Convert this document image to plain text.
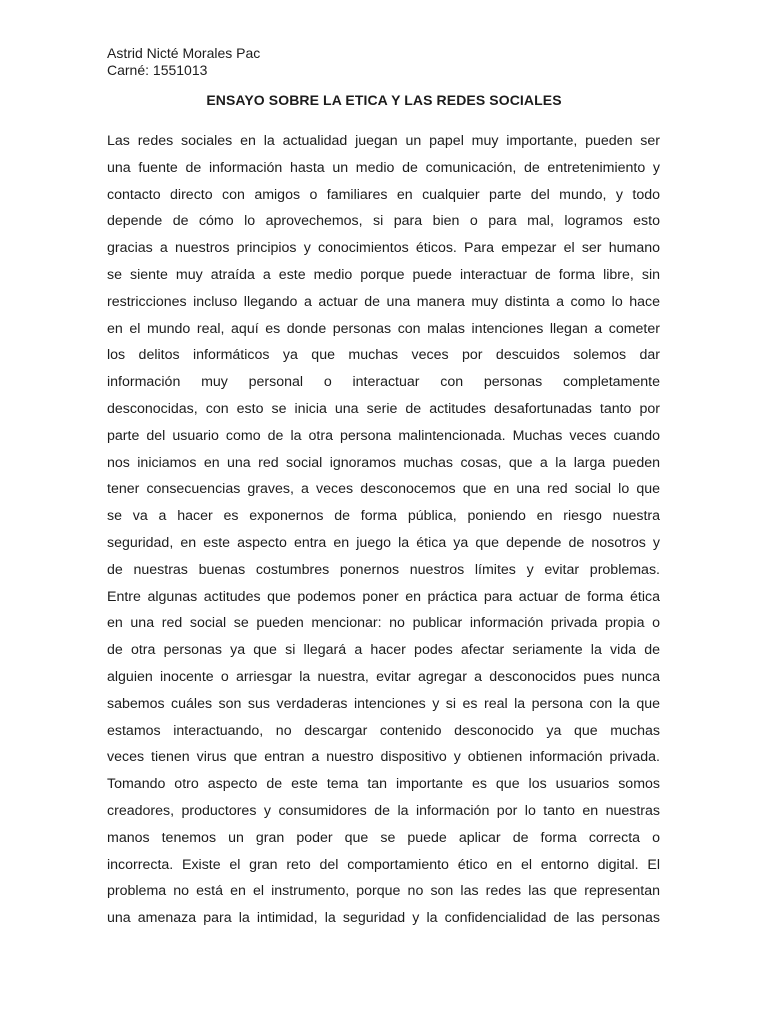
Astrid Nicté Morales Pac
Carné: 1551013
ENSAYO SOBRE LA ETICA Y LAS REDES SOCIALES
Las redes sociales en la actualidad juegan un papel muy importante, pueden ser
una fuente de información hasta un medio de comunicación, de entretenimiento y
contacto directo con amigos o familiares en cualquier parte del mundo, y todo
depende de cómo lo aprovechemos, si para bien o para mal, logramos esto
gracias a nuestros principios y conocimientos éticos. Para empezar el ser humano
se siente muy atraída a este medio porque puede interactuar de forma libre, sin
restricciones incluso llegando a actuar de una manera muy distinta a como lo hace
en el mundo real, aquí es donde personas con malas intenciones llegan a cometer
los delitos informáticos ya que muchas veces por descuidos solemos dar
información muy personal o interactuar con personas completamente
desconocidas, con esto se inicia una serie de actitudes desafortunadas tanto por
parte del usuario como de la otra persona malintencionada. Muchas veces cuando
nos iniciamos en una red social ignoramos muchas cosas, que a la larga pueden
tener consecuencias graves, a veces desconocemos que en una red social lo que
se va a hacer es exponernos de forma pública, poniendo en riesgo nuestra
seguridad, en este aspecto entra en juego la ética ya que depende de nosotros y
de nuestras buenas costumbres ponernos nuestros límites y evitar problemas.
Entre algunas actitudes que podemos poner en práctica para actuar de forma ética
en una red social se pueden mencionar: no publicar información privada propia o
de otra personas ya que si llegará a hacer podes afectar seriamente la vida de
alguien inocente o arriesgar la nuestra, evitar agregar a desconocidos pues nunca
sabemos cuáles son sus verdaderas intenciones y si es real la persona con la que
estamos interactuando, no descargar contenido desconocido ya que muchas
veces tienen virus que entran a nuestro dispositivo y obtienen información privada.
Tomando otro aspecto de este tema tan importante es que los usuarios somos
creadores, productores y consumidores de la información por lo tanto en nuestras
manos tenemos un gran poder que se puede aplicar de forma correcta o
incorrecta. Existe el gran reto del comportamiento ético en el entorno digital. El
problema no está en el instrumento, porque no son las redes las que representan
una amenaza para la intimidad, la seguridad y la confidencialidad de las personas
